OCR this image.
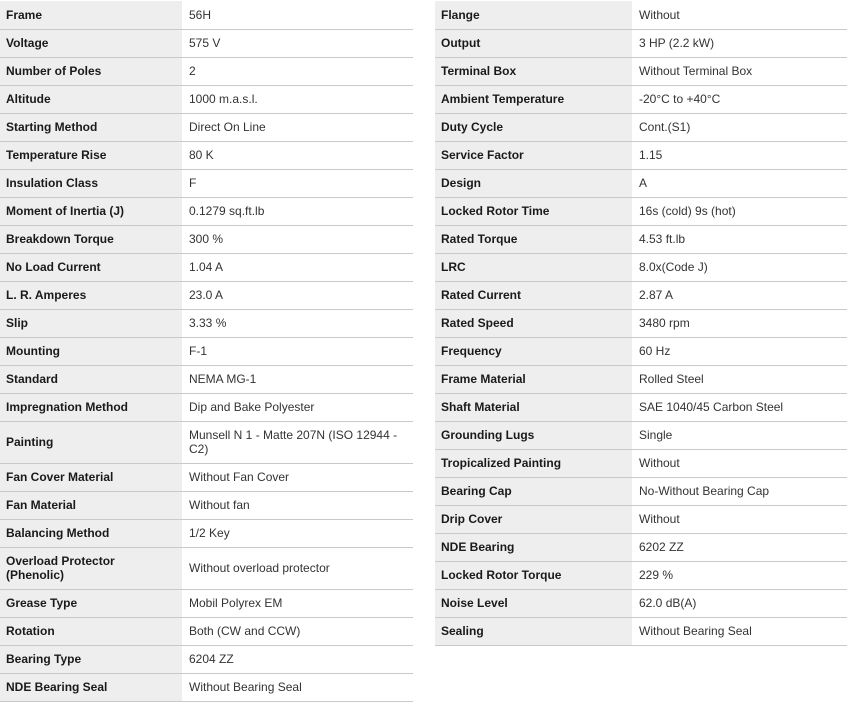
Frame	56H
Voltage	575 V
Number of Poles	2
Altitude	1000 m.a.s.l.
Starting Method	Direct On Line
Temperature Rise	80 K
Insulation Class	F
Moment of Inertia (J)	0.1279 sq.ft.lb
Breakdown Torque	300 %
No Load Current	1.04 A
L. R. Amperes	23.0 A
Slip	3.33 %
Mounting	F-1
Standard	NEMA MG-1
Impregnation Method	Dip and Bake Polyester
Painting	Munsell N 1 - Matte 207N (ISO 12944 - C2)
Fan Cover Material	Without Fan Cover
Fan Material	Without fan
Balancing Method	1/2 Key
Overload Protector (Phenolic)	Without overload protector
Grease Type	Mobil Polyrex EM
Rotation	Both (CW and CCW)
Bearing Type	6204 ZZ
NDE Bearing Seal	Without Bearing Seal
Flange	Without
Output	3 HP (2.2 kW)
Terminal Box	Without Terminal Box
Ambient Temperature	-20°C to +40°C
Duty Cycle	Cont.(S1)
Service Factor	1.15
Design	A
Locked Rotor Time	16s (cold) 9s (hot)
Rated Torque	4.53 ft.lb
LRC	8.0x(Code J)
Rated Current	2.87 A
Rated Speed	3480 rpm
Frequency	60 Hz
Frame Material	Rolled Steel
Shaft Material	SAE 1040/45 Carbon Steel
Grounding Lugs	Single
Tropicalized Painting	Without
Bearing Cap	No-Without Bearing Cap
Drip Cover	Without
NDE Bearing	6202 ZZ
Locked Rotor Torque	229 %
Noise Level	62.0 dB(A)
Sealing	Without Bearing Seal
